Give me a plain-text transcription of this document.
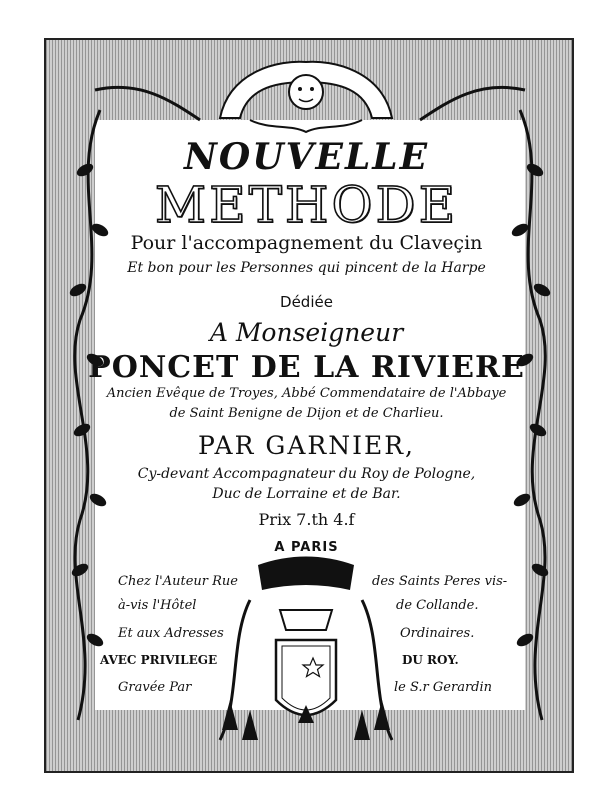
NOUVELLE
METHODE
Pour l'accompagnement du Claveçin
Et bon pour les Personnes qui pincent de la Harpe
Dédiée
A Monseigneur
PONCET DE LA RIVIERE
Ancien Evêque de Troyes, Abbé Commendataire de l'Abbaye
de Saint Benigne de Dijon et de Charlieu.
PAR GARNIER,
Cy-devant Accompagnateur du Roy de Pologne,
Duc de Lorraine et de Bar.
Prix 7.th 4.f
A PARIS
Chez l'Auteur Rue	des Saints Peres vis-
à-vis l'Hôtel	de Collande.
Et aux Adresses	Ordinaires.
AVEC PRIVILEGE	DU ROY.
Gravée Par	le S.r Gerardin
